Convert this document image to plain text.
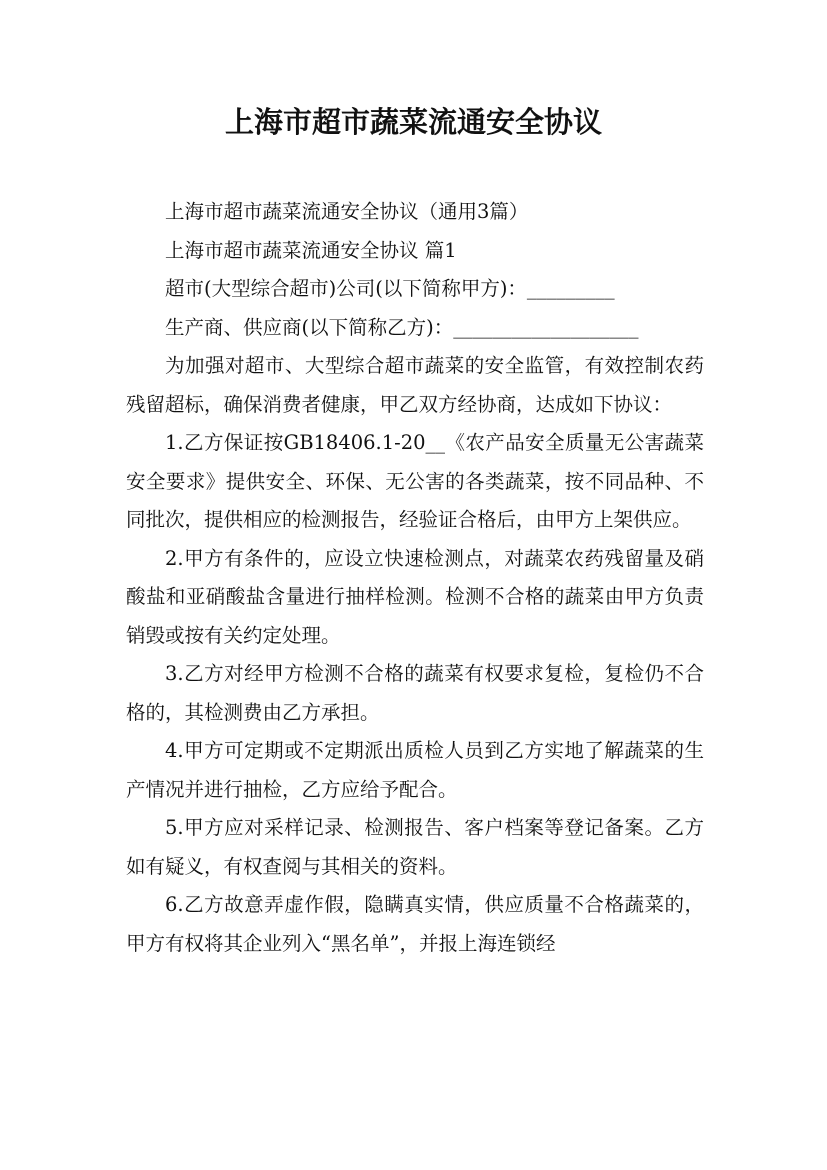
上海市超市蔬菜流通安全协议

上海市超市蔬菜流通安全协议（通用3篇）

上海市超市蔬菜流通安全协议 篇1

超市(大型综合超市)公司(以下简称甲方)：_________

生产商、供应商(以下简称乙方)：___________________

为加强对超市、大型综合超市蔬菜的安全监管，有效控制农药残留超标，确保消费者健康，甲乙双方经协商，达成如下协议：

1.乙方保证按GB18406.1-20__《农产品安全质量无公害蔬菜安全要求》提供安全、环保、无公害的各类蔬菜，按不同品种、不同批次，提供相应的检测报告，经验证合格后，由甲方上架供应。

2.甲方有条件的，应设立快速检测点，对蔬菜农药残留量及硝酸盐和亚硝酸盐含量进行抽样检测。检测不合格的蔬菜由甲方负责销毁或按有关约定处理。

3.乙方对经甲方检测不合格的蔬菜有权要求复检，复检仍不合格的，其检测费由乙方承担。

4.甲方可定期或不定期派出质检人员到乙方实地了解蔬菜的生产情况并进行抽检，乙方应给予配合。

5.甲方应对采样记录、检测报告、客户档案等登记备案。乙方如有疑义，有权查阅与其相关的资料。

6.乙方故意弄虚作假，隐瞒真实情，供应质量不合格蔬菜的，甲方有权将其企业列入“黑名单”，并报上海连锁经
